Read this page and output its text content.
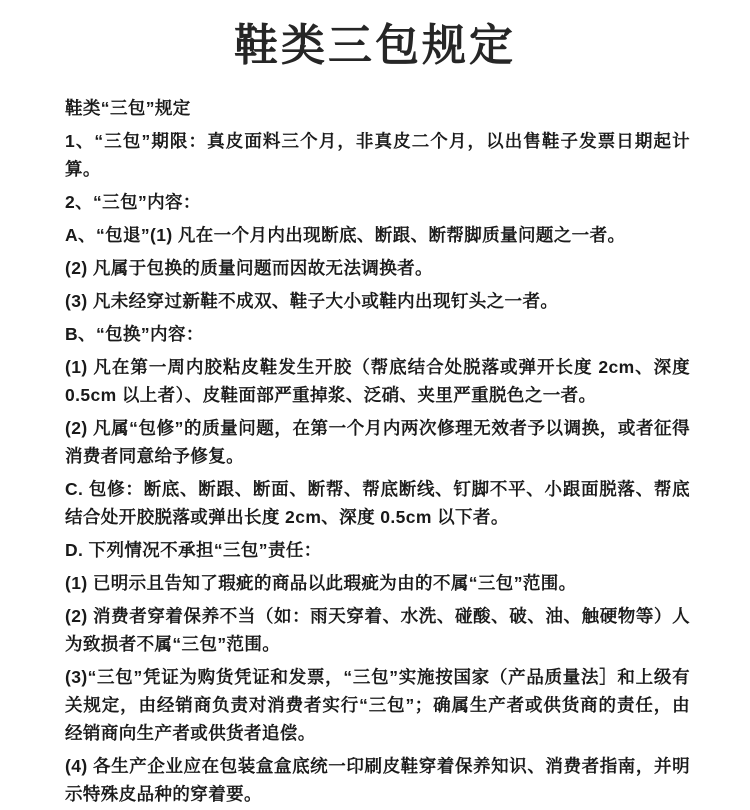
鞋类三包规定

鞋类“三包”规定

1、“三包”期限：真皮面料三个月，非真皮二个月，以出售鞋子发票日期起计算。

2、“三包”内容：

A、“包退”(1) 凡在一个月内出现断底、断跟、断帮脚质量问题之一者。

(2) 凡属于包换的质量问题而因故无法调换者。

(3) 凡未经穿过新鞋不成双、鞋子大小或鞋内出现钉头之一者。

B、“包换”内容：

(1) 凡在第一周内胶粘皮鞋发生开胶（帮底结合处脱落或弹开长度 2cm、深度 0.5cm 以上者）、皮鞋面部严重掉浆、泛硝、夹里严重脱色之一者。

(2) 凡属“包修”的质量问题，在第一个月内两次修理无效者予以调换，或者征得消费者同意给予修复。

C. 包修：断底、断跟、断面、断帮、帮底断线、钉脚不平、小跟面脱落、帮底结合处开胶脱落或弹出长度 2cm、深度 0.5cm 以下者。

D. 下列情况不承担“三包”责任：

(1) 已明示且告知了瑕疵的商品以此瑕疵为由的不属“三包”范围。

(2) 消费者穿着保养不当（如：雨天穿着、水洗、碰酸、破、油、触硬物等）人为致损者不属“三包”范围。

(3)“三包”凭证为购货凭证和发票，“三包”实施按国家（产品质量法］和上级有关规定，由经销商负责对消费者实行“三包”；确属生产者或供货商的责任，由经销商向生产者或供货者追偿。

(4) 各生产企业应在包装盒盒底统一印刷皮鞋穿着保养知识、消费者指南，并明示特殊皮品种的穿着要。
